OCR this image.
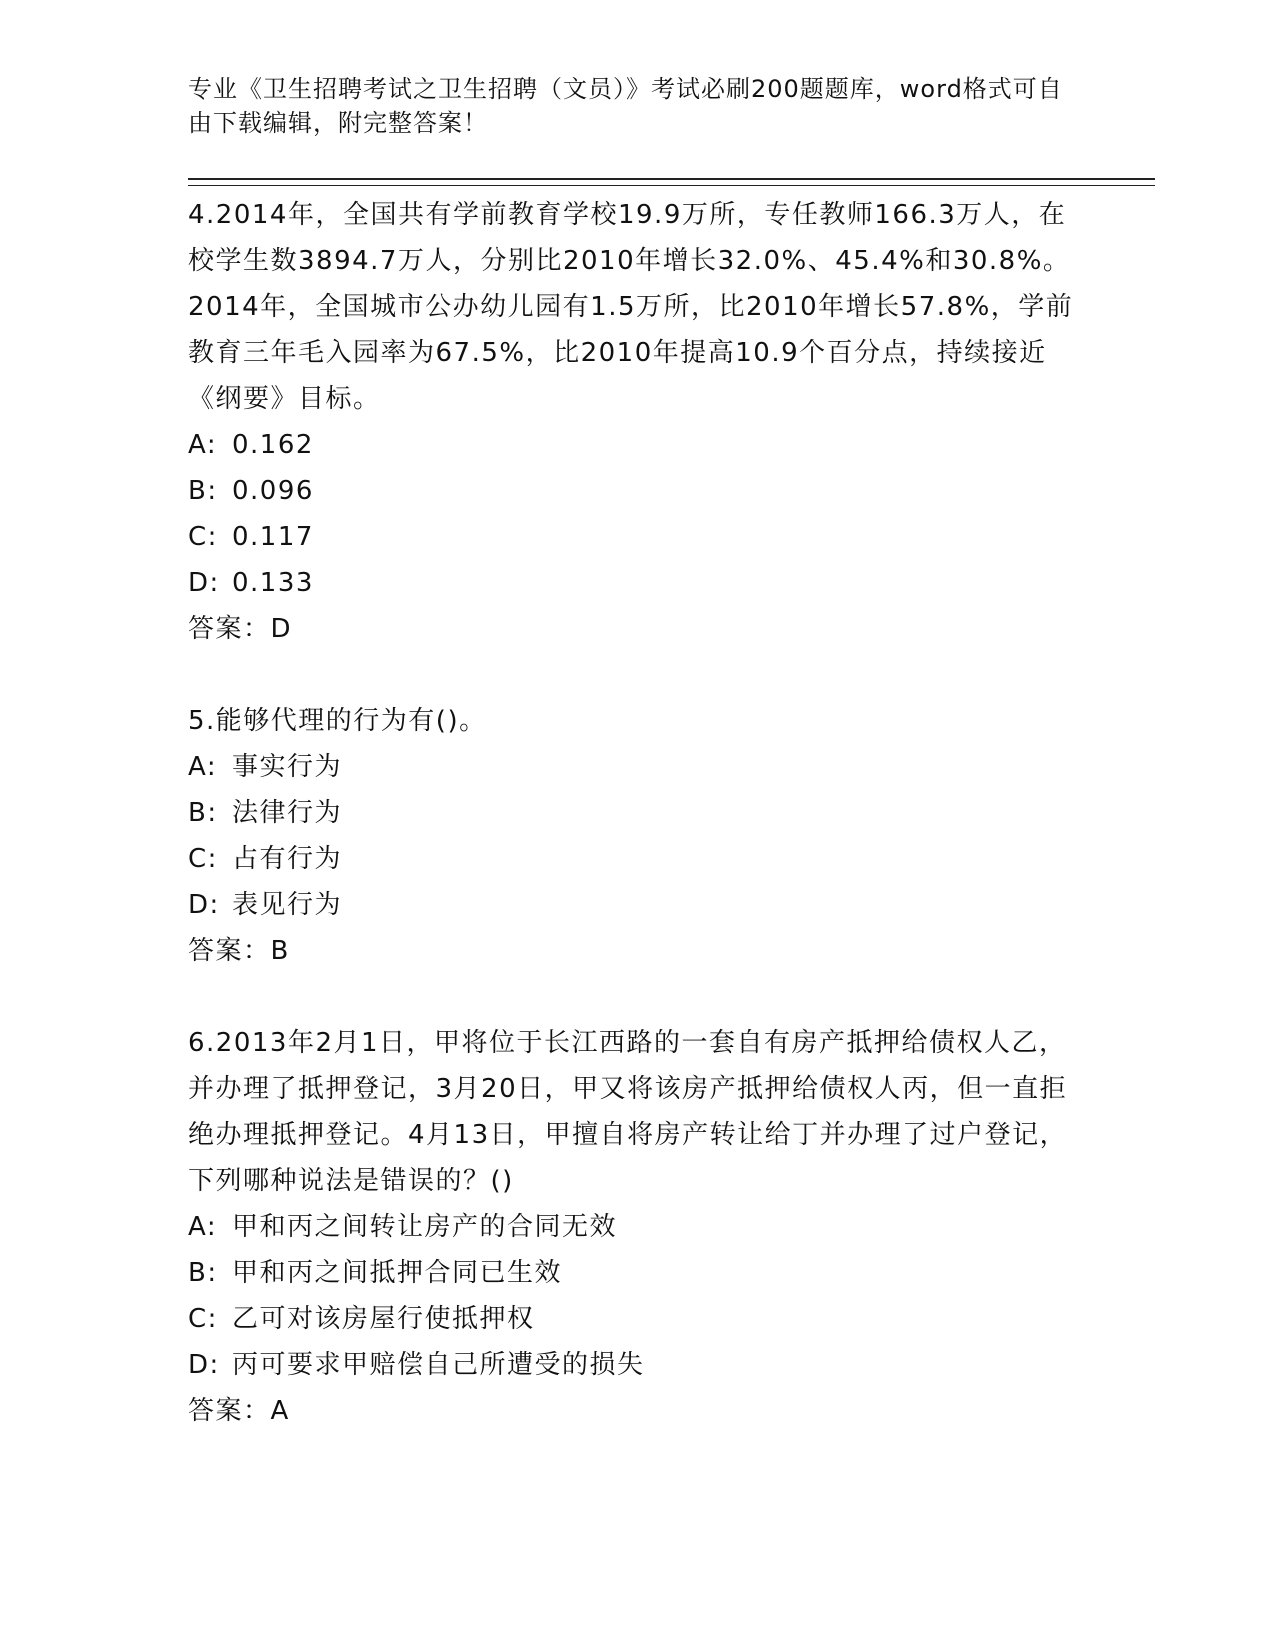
专业《卫生招聘考试之卫生招聘（文员）》考试必刷200题题库，word格式可自由下载编辑，附完整答案！
4.2014年，全国共有学前教育学校19.9万所，专任教师166.3万人，在校学生数3894.7万人，分别比2010年增长32.0%、45.4%和30.8%。2014年，全国城市公办幼儿园有1.5万所，比2010年增长57.8%，学前教育三年毛入园率为67.5%，比2010年提高10.9个百分点，持续接近《纲要》目标。
A: 0.162
B: 0.096
C: 0.117
D: 0.133
答案：D
5.能够代理的行为有()。
A: 事实行为
B: 法律行为
C: 占有行为
D: 表见行为
答案：B
6.2013年2月1日，甲将位于长江西路的一套自有房产抵押给债权人乙，并办理了抵押登记，3月20日，甲又将该房产抵押给债权人丙，但一直拒绝办理抵押登记。4月13日，甲擅自将房产转让给丁并办理了过户登记，下列哪种说法是错误的？()
A: 甲和丙之间转让房产的合同无效
B: 甲和丙之间抵押合同已生效
C: 乙可对该房屋行使抵押权
D: 丙可要求甲赔偿自己所遭受的损失
答案：A
